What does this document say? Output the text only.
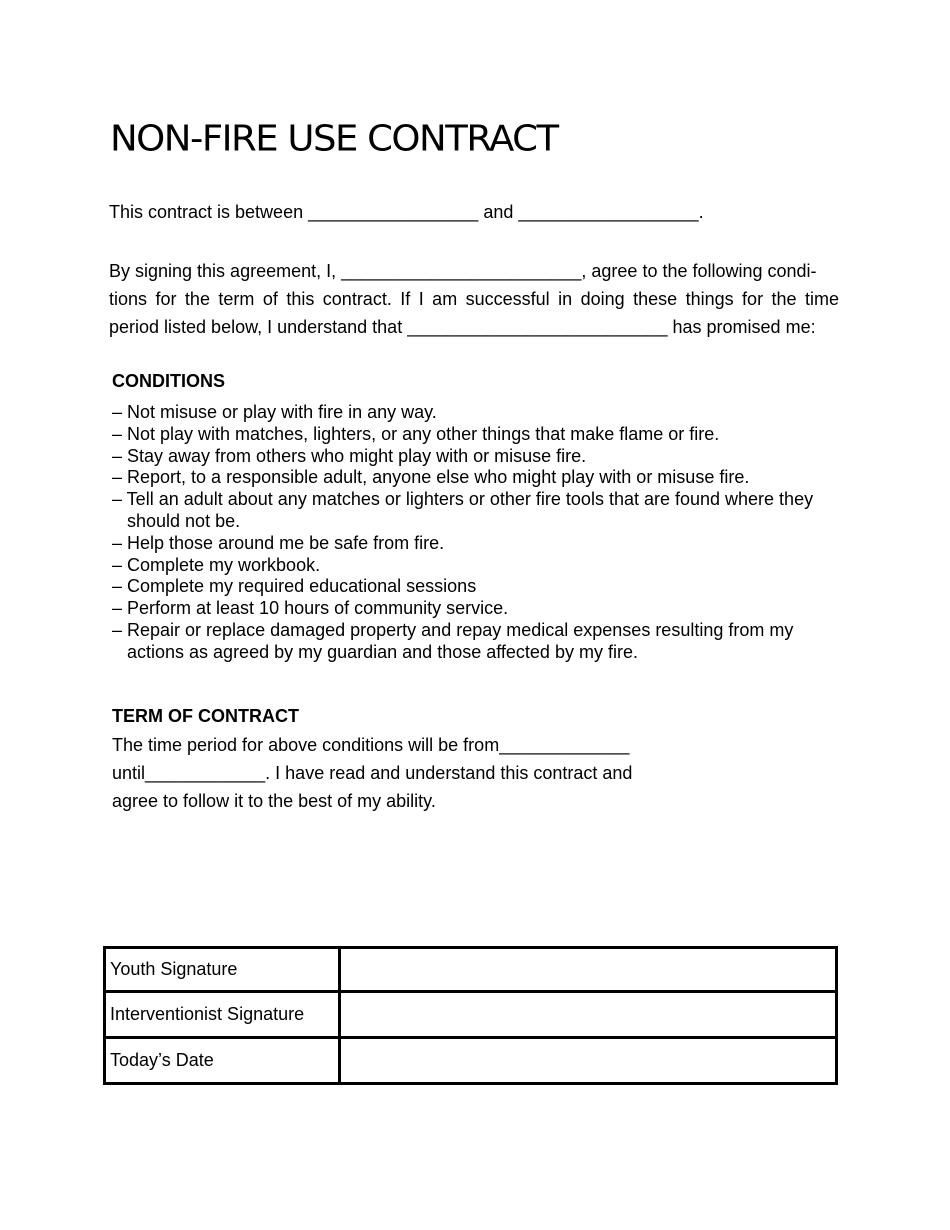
NON-FIRE USE CONTRACT
This contract is between _________________ and __________________.
By signing this agreement, I, ________________________, agree to the following condi-
tions for the term of this contract. If I am successful in doing these things for the time
period listed below, I understand that __________________________ has promised me:
CONDITIONS
– Not misuse or play with fire in any way.
– Not play with matches, lighters, or any other things that make flame or fire.
– Stay away from others who might play with or misuse fire.
– Report, to a responsible adult, anyone else who might play with or misuse fire.
– Tell an adult about any matches or lighters or other fire tools that are found where they should not be.
– Help those around me be safe from fire.
– Complete my workbook.
– Complete my required educational sessions
– Perform at least 10 hours of community service.
– Repair or replace damaged property and repay medical expenses resulting from my actions as agreed by my guardian and those affected by my fire.
TERM OF CONTRACT
The time period for above conditions will be from_____________
until____________. I have read and understand this contract and
agree to follow it to the best of my ability.
Youth Signature	
Interventionist Signature	
Today’s Date	
